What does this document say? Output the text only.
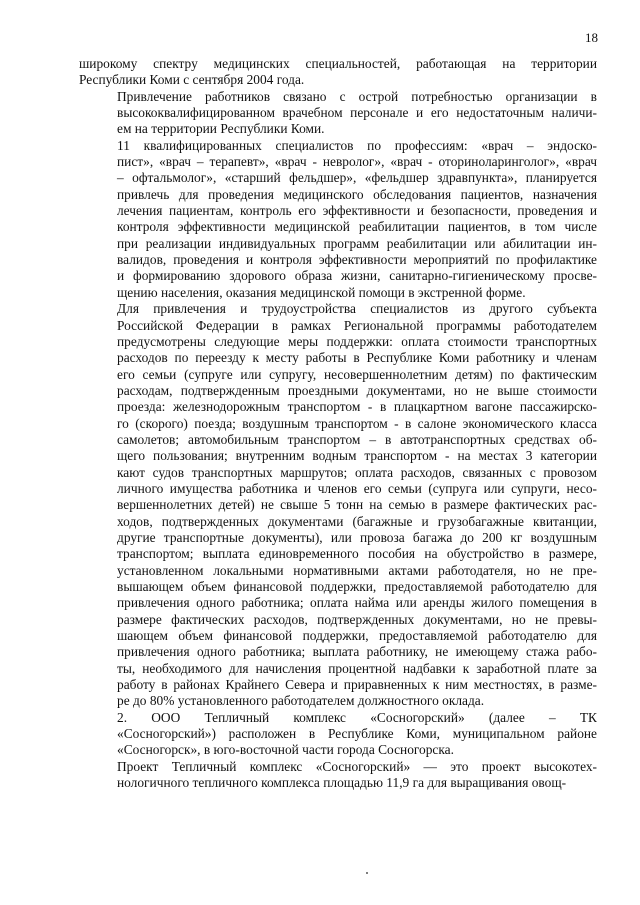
18

широкому спектру медицинских специальностей, работающая на территории
Республики Коми с сентября 2004 года.

Привлечение работников связано с острой потребностью организации в
высококвалифицированном врачебном персонале и его недостаточным наличи-
ем на территории Республики Коми.

11 квалифицированных специалистов по профессиям: «врач – эндоско-
пист», «врач – терапевт», «врач - невролог», «врач - оториноларинголог», «врач
– офтальмолог», «старший фельдшер», «фельдшер здравпункта», планируется
привлечь для проведения медицинского обследования пациентов, назначения
лечения пациентам, контроль его эффективности и безопасности, проведения и
контроля эффективности медицинской реабилитации пациентов, в том числе
при реализации индивидуальных программ реабилитации или абилитации ин-
валидов, проведения и контроля эффективности мероприятий по профилактике
и формированию здорового образа жизни, санитарно-гигиеническому просве-
щению населения, оказания медицинской помощи в экстренной форме.

Для привлечения и трудоустройства специалистов из другого субъекта
Российской Федерации в рамках Региональной программы работодателем
предусмотрены следующие меры поддержки: оплата стоимости транспортных
расходов по переезду к месту работы в Республике Коми работнику и членам
его семьи (супруге или супругу, несовершеннолетним детям) по фактическим
расходам, подтвержденным проездными документами, но не выше стоимости
проезда: железнодорожным транспортом - в плацкартном вагоне пассажирско-
го (скорого) поезда; воздушным транспортом - в салоне экономического класса
самолетов; автомобильным транспортом – в автотранспортных средствах об-
щего пользования; внутренним водным транспортом - на местах 3 категории
кают судов транспортных маршрутов; оплата расходов, связанных с провозом
личного имущества работника и членов его семьи (супруга или супруги, несо-
вершеннолетних детей) не свыше 5 тонн на семью в размере фактических рас-
ходов, подтвержденных документами (багажные и грузобагажные квитанции,
другие транспортные документы), или провоза багажа до 200 кг воздушным
транспортом; выплата единовременного пособия на обустройство в размере,
установленном локальными нормативными актами работодателя, но не пре-
вышающем объем финансовой поддержки, предоставляемой работодателю для
привлечения одного работника; оплата найма или аренды жилого помещения в
размере фактических расходов, подтвержденных документами, но не превы-
шающем объем финансовой поддержки, предоставляемой работодателю для
привлечения одного работника; выплата работнику, не имеющему стажа рабо-
ты, необходимого для начисления процентной надбавки к заработной плате за
работу в районах Крайнего Севера и приравненных к ним местностях, в разме-
ре до 80% установленного работодателем должностного оклада.

2. ООО Тепличный комплекс «Сосногорский» (далее – ТК
«Сосногорский») расположен в Республике Коми, муниципальном районе
«Сосногорск», в юго-восточной части города Сосногорска.

Проект Тепличный комплекс «Сосногорский» — это проект высокотех-
нологичного тепличного комплекса площадью 11,9 га для выращивания овощ-
